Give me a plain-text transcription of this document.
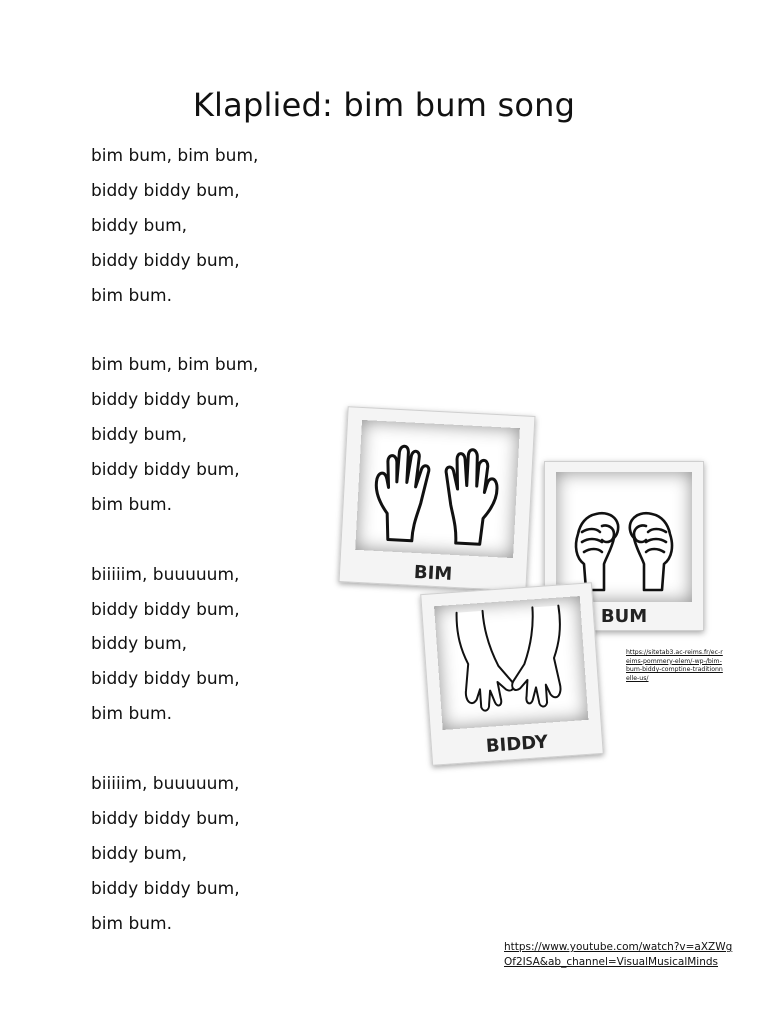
Klaplied: bim bum song
bim bum, bim bum,
biddy biddy bum,
biddy bum,
biddy biddy bum,
bim bum.
bim bum, bim bum,
biddy biddy bum,
biddy bum,
biddy biddy bum,
bim bum.
biiiiim, buuuuum,
biddy biddy bum,
biddy bum,
biddy biddy bum,
bim bum.
biiiiim, buuuuum,
biddy biddy bum,
biddy bum,
biddy biddy bum,
bim bum.
BIM
BUM
BIDDY
https://sitetab3.ac-reims.fr/ec-reims-pommery-elem/-wp-/bim-bum-biddy-comptine-traditionnelle-us/
https://www.youtube.com/watch?v=aXZWgOf2ISA&ab_channel=VisualMusicalMinds
